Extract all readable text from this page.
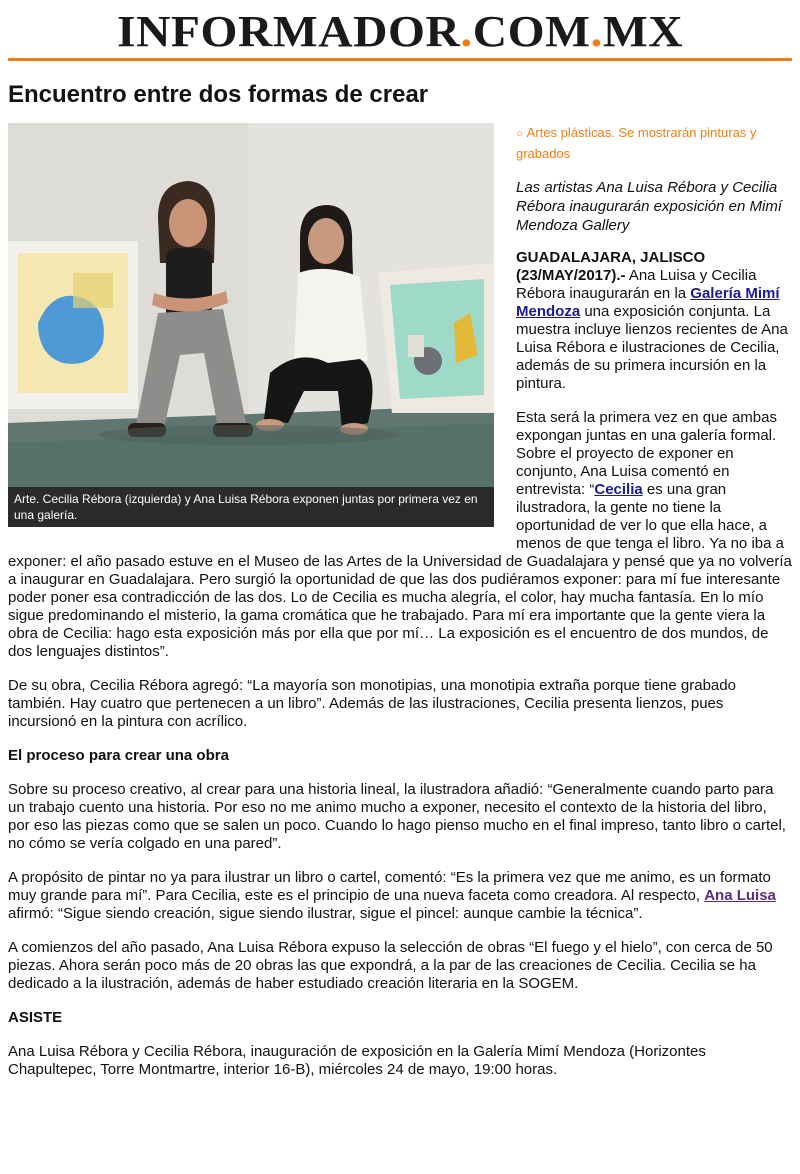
INFORMADOR.COM.MX
Encuentro entre dos formas de crear
Arte. Cecilia Rébora (izquierda) y Ana Luisa Rébora exponen juntas por primera vez en una galería.
○ Artes plásticas. Se mostrarán pinturas y grabados
Las artistas Ana Luisa Rébora y Cecilia Rébora inaugurarán exposición en Mimí Mendoza Gallery

GUADALAJARA, JALISCO (23/MAY/2017).- Ana Luisa y Cecilia Rébora inaugurarán en la Galería Mimí Mendoza una exposición conjunta. La muestra incluye lienzos recientes de Ana Luisa Rébora e ilustraciones de Cecilia, además de su primera incursión en la pintura.

Esta será la primera vez en que ambas expongan juntas en una galería formal. Sobre el proyecto de exponer en conjunto, Ana Luisa comentó en entrevista: “Cecilia es una gran ilustradora, la gente no tiene la oportunidad de ver lo que ella hace, a menos de que tenga el libro. Ya no iba a exponer: el año pasado estuve en el Museo de las Artes de la Universidad de Guadalajara y pensé que ya no volvería a inaugurar en Guadalajara. Pero surgió la oportunidad de que las dos pudiéramos exponer: para mí fue interesante poder poner esa contradicción de las dos. Lo de Cecilia es mucha alegría, el color, hay mucha fantasía. En lo mío sigue predominando el misterio, la gama cromática que he trabajado. Para mí era importante que la gente viera la obra de Cecilia: hago esta exposición más por ella que por mí… La exposición es el encuentro de dos mundos, de dos lenguajes distintos”.

De su obra, Cecilia Rébora agregó: “La mayoría son monotipias, una monotipia extraña porque tiene grabado también. Hay cuatro que pertenecen a un libro”. Además de las ilustraciones, Cecilia presenta lienzos, pues incursionó en la pintura con acrílico.

El proceso para crear una obra

Sobre su proceso creativo, al crear para una historia lineal, la ilustradora añadió: “Generalmente cuando parto para un trabajo cuento una historia. Por eso no me animo mucho a exponer, necesito el contexto de la historia del libro, por eso las piezas como que se salen un poco. Cuando lo hago pienso mucho en el final impreso, tanto libro o cartel, no cómo se vería colgado en una pared”.

A propósito de pintar no ya para ilustrar un libro o cartel, comentó: “Es la primera vez que me animo, es un formato muy grande para mí”. Para Cecilia, este es el principio de una nueva faceta como creadora. Al respecto, Ana Luisa afirmó: “Sigue siendo creación, sigue siendo ilustrar, sigue el pincel: aunque cambie la técnica”.

A comienzos del año pasado, Ana Luisa Rébora expuso la selección de obras “El fuego y el hielo”, con cerca de 50 piezas. Ahora serán poco más de 20 obras las que expondrá, a la par de las creaciones de Cecilia. Cecilia se ha dedicado a la ilustración, además de haber estudiado creación literaria en la SOGEM.

ASISTE

Ana Luisa Rébora y Cecilia Rébora, inauguración de exposición en la Galería Mimí Mendoza (Horizontes Chapultepec, Torre Montmartre, interior 16-B), miércoles 24 de mayo, 19:00 horas.
